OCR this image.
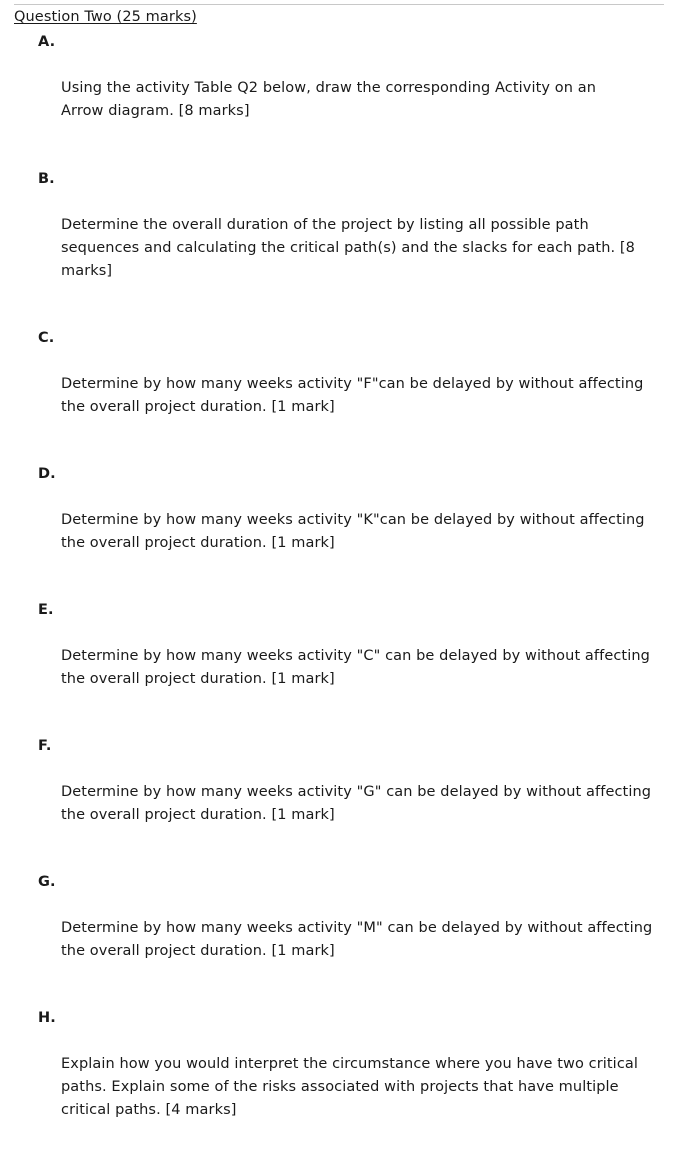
Question Two (25 marks)

A.

Using the activity Table Q2 below, draw the corresponding Activity on an
Arrow diagram. [8 marks]

B.

Determine the overall duration of the project by listing all possible path
sequences and calculating the critical path(s) and the slacks for each path. [8
marks]

C.

Determine by how many weeks activity "F"can be delayed by without affecting
the overall project duration. [1 mark]

D.

Determine by how many weeks activity "K"can be delayed by without affecting
the overall project duration. [1 mark]

E.

Determine by how many weeks activity "C" can be delayed by without affecting
the overall project duration. [1 mark]

F.

Determine by how many weeks activity "G" can be delayed by without affecting
the overall project duration. [1 mark]

G.

Determine by how many weeks activity "M" can be delayed by without affecting
the overall project duration. [1 mark]

H.

Explain how you would interpret the circumstance where you have two critical
paths. Explain some of the risks associated with projects that have multiple
critical paths. [4 marks]
